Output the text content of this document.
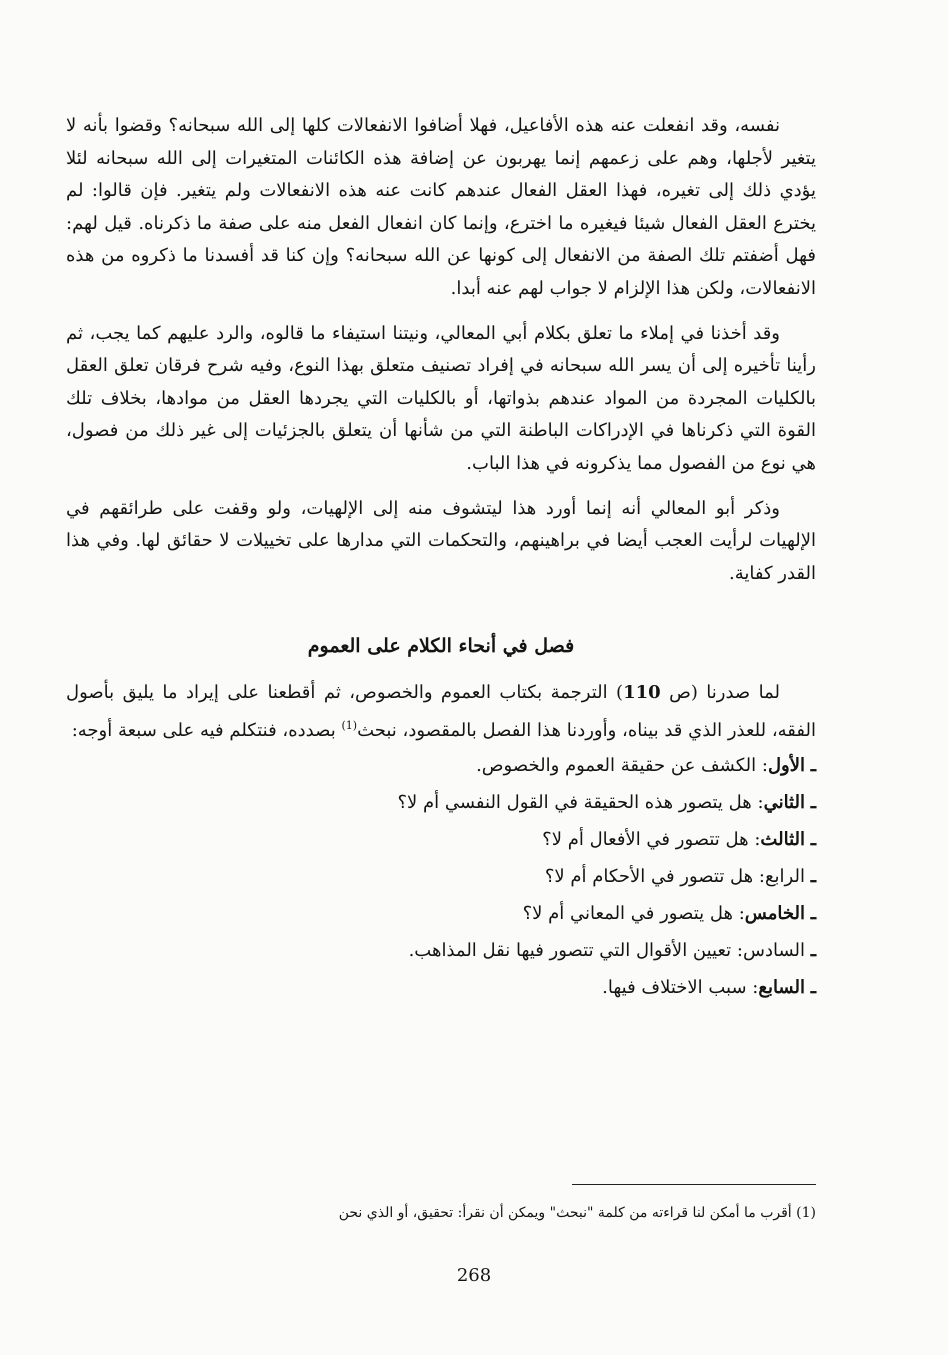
نفسه، وقد انفعلت عنه هذه الأفاعيل، فهلا أضافوا الانفعالات كلها إلى الله سبحانه؟ وقضوا بأنه لا يتغير لأجلها، وهم على زعمهم إنما يهربون عن إضافة هذه الكائنات المتغيرات إلى الله سبحانه لئلا يؤدي ذلك إلى تغيره، فهذا العقل الفعال عندهم كانت عنه هذه الانفعالات ولم يتغير. فإن قالوا: لم يخترع العقل الفعال شيئا فيغيره ما اخترع، وإنما كان انفعال الفعل منه على صفة ما ذكرناه. قيل لهم: فهل أضفتم تلك الصفة من الانفعال إلى كونها عن الله سبحانه؟ وإن كنا قد أفسدنا ما ذكروه من هذه الانفعالات، ولكن هذا الإلزام لا جواب لهم عنه أبدا.

وقد أخذنا في إملاء ما تعلق بكلام أبي المعالي، ونيتنا استيفاء ما قالوه، والرد عليهم كما يجب، ثم رأينا تأخيره إلى أن يسر الله سبحانه في إفراد تصنيف متعلق بهذا النوع، وفيه شرح فرقان تعلق العقل بالكليات المجردة من المواد عندهم بذواتها، أو بالكليات التي يجردها العقل من موادها، بخلاف تلك القوة التي ذكرناها في الإدراكات الباطنة التي من شأنها أن يتعلق بالجزئيات إلى غير ذلك من فصول، هي نوع من الفصول مما يذكرونه في هذا الباب.

وذكر أبو المعالي أنه إنما أورد هذا ليتشوف منه إلى الإلهيات، ولو وقفت على طرائقهم في الإلهيات لرأيت العجب أيضا في براهينهم، والتحكمات التي مدارها على تخييلات لا حقائق لها. وفي هذا القدر كفاية.

فصل في أنحاء الكلام على العموم

لما صدرنا (ص 110) الترجمة بكتاب العموم والخصوص، ثم أقطعنا على إيراد ما يليق بأصول الفقه، للعذر الذي قد بيناه، وأوردنا هذا الفصل بالمقصود، نبحث$^{(1)}$ بصدده، فنتكلم فيه على سبعة أوجه:

ـ الأول: الكشف عن حقيقة العموم والخصوص.
ـ الثاني: هل يتصور هذه الحقيقة في القول النفسي أم لا؟
ـ الثالث: هل تتصور في الأفعال أم لا؟
ـ الرابع: هل تتصور في الأحكام أم لا؟
ـ الخامس: هل يتصور في المعاني أم لا؟
ـ السادس: تعيين الأقوال التي تتصور فيها نقل المذاهب.
ـ السابع: سبب الاختلاف فيها.
(1) أقرب ما أمكن لنا قراءته من كلمة "نبحث" ويمكن أن نقرأ: تحقيق، أو الذي نحن
268
